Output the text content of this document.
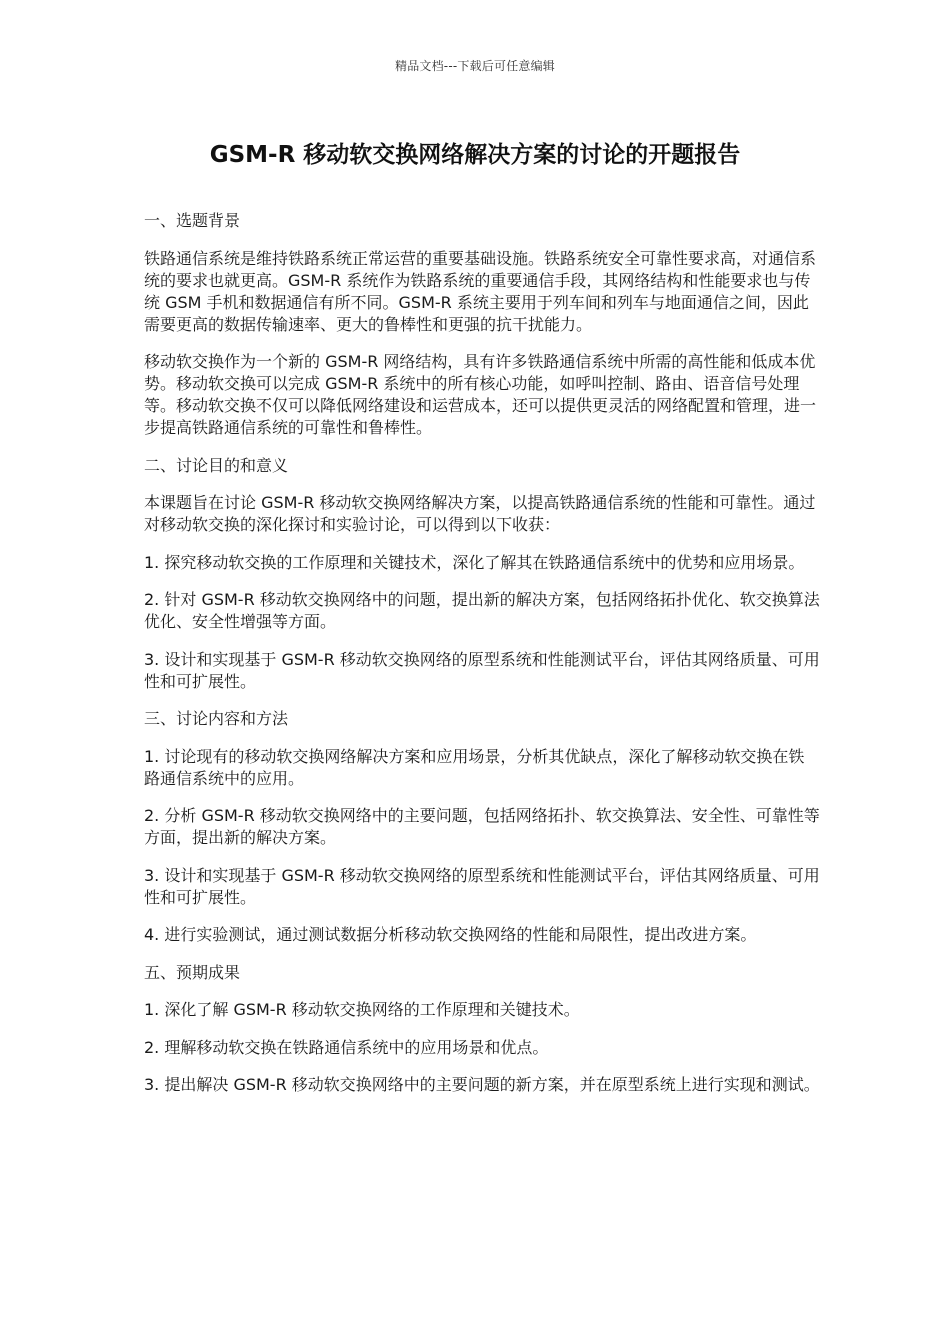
精品文档---下载后可任意编辑
GSM-R 移动软交换网络解决方案的讨论的开题报告

一、选题背景

铁路通信系统是维持铁路系统正常运营的重要基础设施。铁路系统安全可靠性要求高，对通信系统的要求也就更高。GSM-R 系统作为铁路系统的重要通信手段，其网络结构和性能要求也与传统 GSM 手机和数据通信有所不同。GSM-R 系统主要用于列车间和列车与地面通信之间，因此需要更高的数据传输速率、更大的鲁棒性和更强的抗干扰能力。

移动软交换作为一个新的 GSM-R 网络结构，具有许多铁路通信系统中所需的高性能和低成本优势。移动软交换可以完成 GSM-R 系统中的所有核心功能，如呼叫控制、路由、语音信号处理等。移动软交换不仅可以降低网络建设和运营成本，还可以提供更灵活的网络配置和管理，进一步提高铁路通信系统的可靠性和鲁棒性。

二、讨论目的和意义

本课题旨在讨论 GSM-R 移动软交换网络解决方案，以提高铁路通信系统的性能和可靠性。通过对移动软交换的深化探讨和实验讨论，可以得到以下收获：

1. 探究移动软交换的工作原理和关键技术，深化了解其在铁路通信系统中的优势和应用场景。

2. 针对 GSM-R 移动软交换网络中的问题，提出新的解决方案，包括网络拓扑优化、软交换算法优化、安全性增强等方面。

3. 设计和实现基于 GSM-R 移动软交换网络的原型系统和性能测试平台，评估其网络质量、可用性和可扩展性。

三、讨论内容和方法

1. 讨论现有的移动软交换网络解决方案和应用场景，分析其优缺点，深化了解移动软交换在铁路通信系统中的应用。

2. 分析 GSM-R 移动软交换网络中的主要问题，包括网络拓扑、软交换算法、安全性、可靠性等方面，提出新的解决方案。

3. 设计和实现基于 GSM-R 移动软交换网络的原型系统和性能测试平台，评估其网络质量、可用性和可扩展性。

4. 进行实验测试，通过测试数据分析移动软交换网络的性能和局限性，提出改进方案。

五、预期成果

1. 深化了解 GSM-R 移动软交换网络的工作原理和关键技术。

2. 理解移动软交换在铁路通信系统中的应用场景和优点。

3. 提出解决 GSM-R 移动软交换网络中的主要问题的新方案，并在原型系统上进行实现和测试。
